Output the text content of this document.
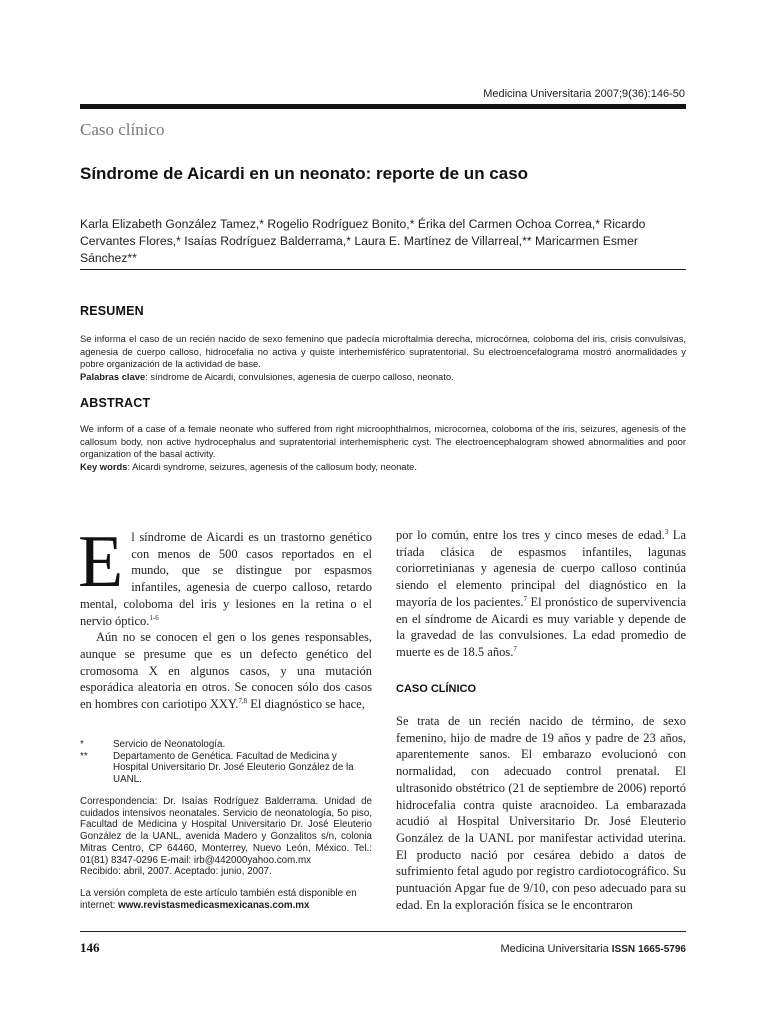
Medicina Universitaria 2007;9(36):146-50
Caso clínico
Síndrome de Aicardi en un neonato: reporte de un caso
Karla Elizabeth González Tamez,* Rogelio Rodríguez Bonito,* Érika del Carmen Ochoa Correa,* Ricardo Cervantes Flores,* Isaías Rodríguez Balderrama,* Laura E. Martínez de Villarreal,** Maricarmen Esmer Sánchez**
RESUMEN
Se informa el caso de un recién nacido de sexo femenino que padecía microftalmia derecha, microcórnea, coloboma del iris, crisis convulsivas, agenesia de cuerpo calloso, hidrocefalia no activa y quiste interhemisférico supratentorial. Su electroencefalograma mostró anormalidades y pobre organización de la actividad de base.
Palabras clave: síndrome de Aicardi, convulsiones, agenesia de cuerpo calloso, neonato.
ABSTRACT
We inform of a case of a female neonate who suffered from right microophthalmos, microcornea, coloboma of the iris, seizures, agenesis of the callosum body, non active hydrocephalus and supratentorial interhemispheric cyst. The electroencephalogram showed abnormalities and poor organization of the basal activity.
Key words: Aicardi syndrome, seizures, agenesis of the callosum body, neonate.

El síndrome de Aicardi es un trastorno genético con menos de 500 casos reportados en el mundo, que se distingue por espasmos infantiles, agenesia de cuerpo calloso, retardo mental, coloboma del iris y lesiones en la retina o el nervio óptico.$^{1-6}$

Aún no se conocen el gen o los genes responsables, aunque se presume que es un defecto genético del cromosoma X en algunos casos, y una mutación esporádica aleatoria en otros. Se conocen sólo dos casos en hombres con cariotipo XXY.$^{7,8}$ El diagnóstico se hace,

por lo común, entre los tres y cinco meses de edad.$^3$ La tríada clásica de espasmos infantiles, lagunas coriorretinianas y agenesia de cuerpo calloso continúa siendo el elemento principal del diagnóstico en la mayoría de los pacientes.$^7$ El pronóstico de supervivencia en el síndrome de Aicardi es muy variable y depende de la gravedad de las convulsiones. La edad promedio de muerte es de 18.5 años.$^7$

CASO CLÍNICO
Se trata de un recién nacido de término, de sexo femenino, hijo de madre de 19 años y padre de 23 años, aparentemente sanos. El embarazo evolucionó con normalidad, con adecuado control prenatal. El ultrasonido obstétrico (21 de septiembre de 2006) reportó hidrocefalia contra quiste aracnoideo. La embarazada acudió al Hospital Universitario Dr. José Eleuterio González de la UANL por manifestar actividad uterina. El producto nació por cesárea debido a datos de sufrimiento fetal agudo por registro cardiotocográfico. Su puntuación Apgar fue de 9/10, con peso adecuado para su edad. En la exploración física se le encontraron
*	Servicio de Neonatología.
**	Departamento de Genética. Facultad de Medicina y Hospital Universitario Dr. José Eleuterio González de la UANL.
Correspondencia: Dr. Isaías Rodríguez Balderrama. Unidad de cuidados intensivos neonatales. Servicio de neonatología, 5o piso, Facultad de Medicina y Hospital Universitario Dr. José Eleuterio González de la UANL, avenida Madero y Gonzalitos s/n, colonia Mitras Centro, CP 64460, Monterrey, Nuevo León, México. Tel.: 01(81) 8347-0296 E-mail: irb@442000yahoo.com.mx
Recibido: abril, 2007. Aceptado: junio, 2007.
La versión completa de este artículo también está disponible en internet: www.revistasmedicasmexicanas.com.mx
146	Medicina Universitaria ISSN 1665-5796
